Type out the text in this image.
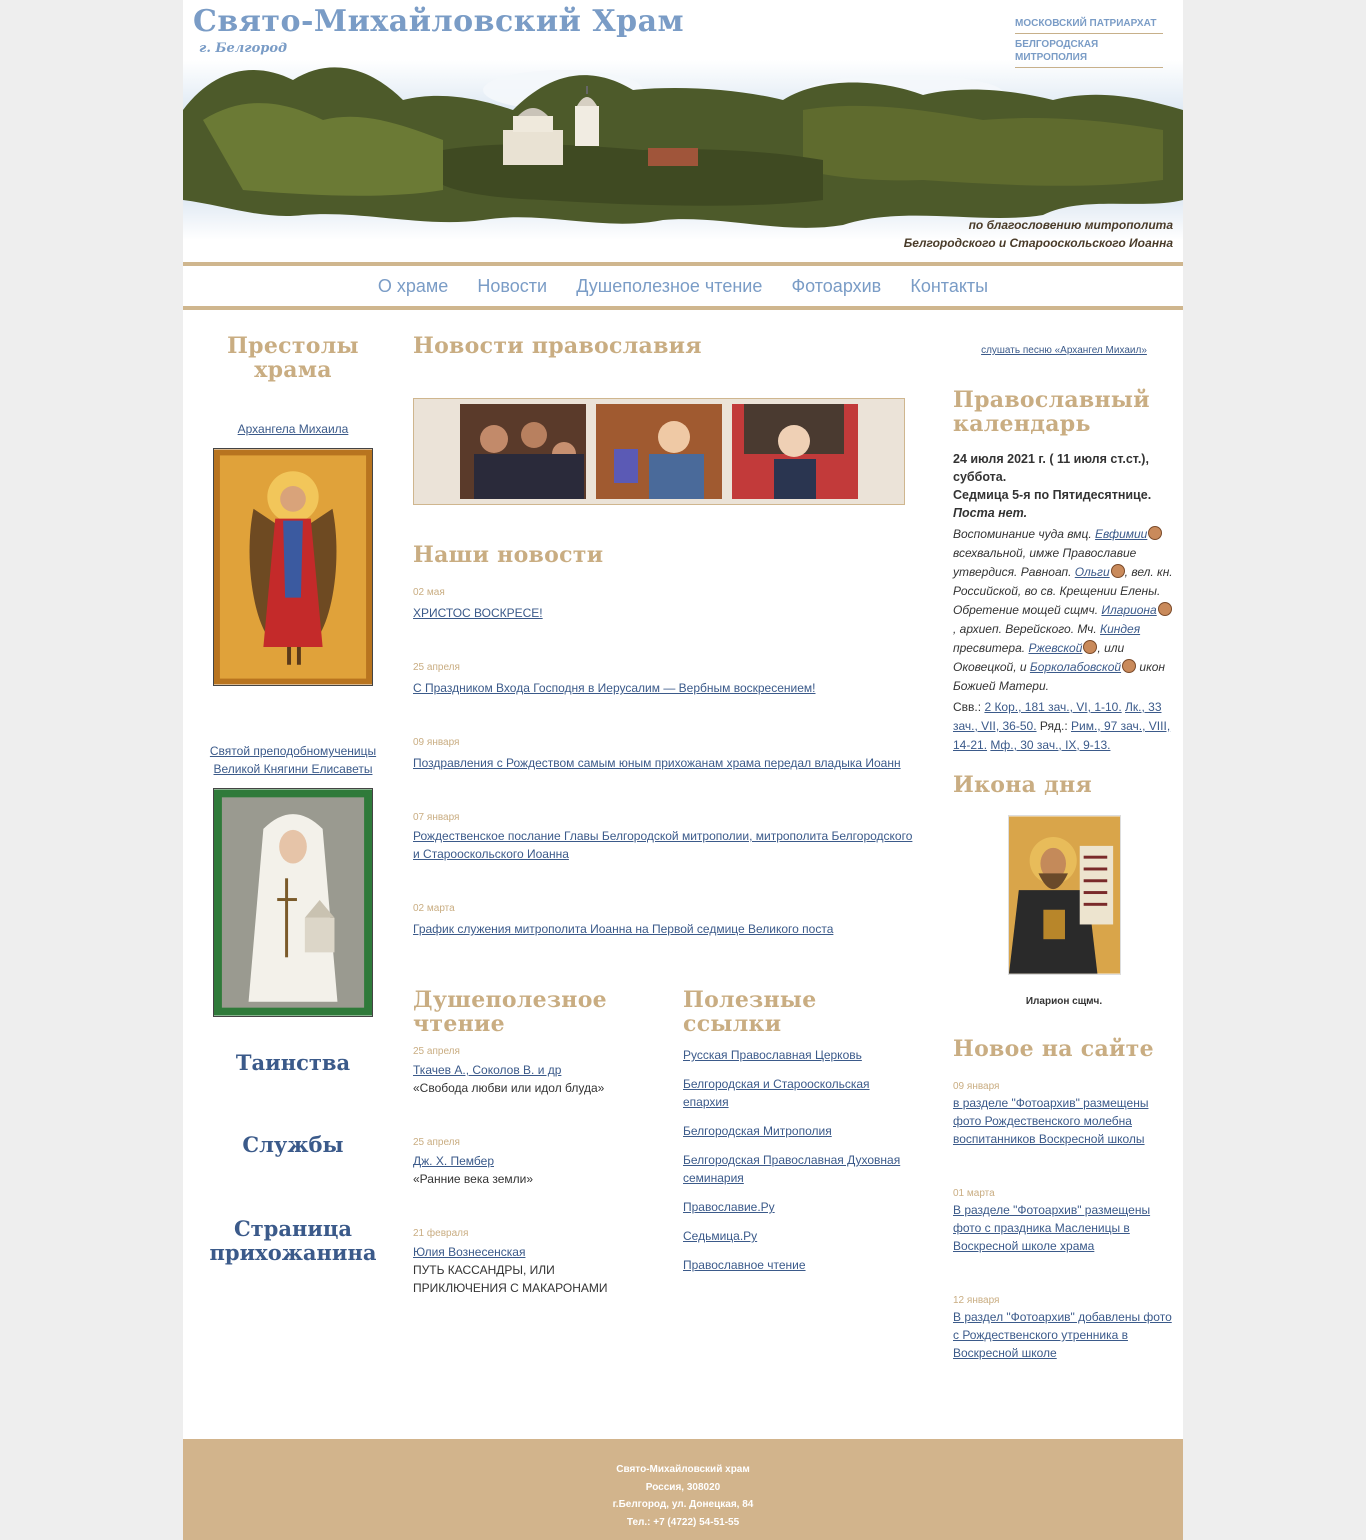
Свято-Михайловский Храм
г. Белгород
МОСКОВСКИЙ ПАТРИАРХАТ
БЕЛГОРОДСКАЯ МИТРОПОЛИЯ
по благословению митрополита
Белгородского и Старооскольского Иоанна
О храме Новости Душеполезное чтение Фотоархив Контакты
Престолы храма
Архангела Михаила
Святой преподобномученицы
Великой Княгини Елисаветы
Таинства
Службы
Страница
прихожанина
Новости православия
Наши новости
02 мая
ХРИСТОС ВОСКРЕСЕ!
25 апреля
С Праздником Входа Господня в Иерусалим — Вербным воскресением!
09 января
Поздравления с Рождеством самым юным прихожанам храма передал владыка Иоанн
07 января
Рождественское послание Главы Белгородской митрополии, митрополита Белгородского и Старооскольского Иоанна
02 марта
График служения митрополита Иоанна на Первой седмице Великого поста
Душеполезное
чтение
25 апреля
Ткачев А., Соколов В. и др
«Свобода любви или идол блуда»
25 апреля
Дж. Х. Пембер
«Ранние века земли»
21 февраля
Юлия Вознесенская
ПУТЬ КАССАНДРЫ, ИЛИ ПРИКЛЮЧЕНИЯ С МАКАРОНАМИ
Полезные ссылки
Русская Православная Церковь
Белгородская и Старооскольская епархия
Белгородская Митрополия
Белгородская Православная Духовная семинария
Православие.Ру
Седьмица.Ру
Православное чтение
слушать песню «Архангел Михаил»
Православный
календарь
24 июля 2021 г. ( 11 июля ст.ст.), суббота.
Седмица 5-я по Пятидесятнице.
Поста нет.
Воспоминание чуда вмц. Евфимии всехвальной, имже Православие утвердися. Равноап. Ольги , вел. кн. Российской, во св. Крещении Елены. Обретение мощей сщмч. Илариона, архиеп. Верейского. Мч. Киндея пресвитера. Ржевской , или Оковецкой, и Борколабовской икон Божией Матери.
Свв.: 2 Кор., 181 зач., VI, 1-10. Лк., 33 зач., VII, 36-50. Ряд.: Рим., 97 зач., VIII, 14-21. Мф., 30 зач., IX, 9-13.
Икона дня
Иларион сщмч.
Новое на сайте
09 января
в разделе "Фотоархив" размещены фото Рождественского молебна воспитанников Воскресной школы
01 марта
В разделе "Фотоархив" размещены фото с праздника Масленицы в Воскресной школе храма
12 января
В раздел "Фотоархив" добавлены фото с Рождественского утренника в Воскресной школе
Свято-Михайловский храм
Россия, 308020
г.Белгород, ул. Донецкая, 84
Тел.: +7 (4722) 54-51-55
